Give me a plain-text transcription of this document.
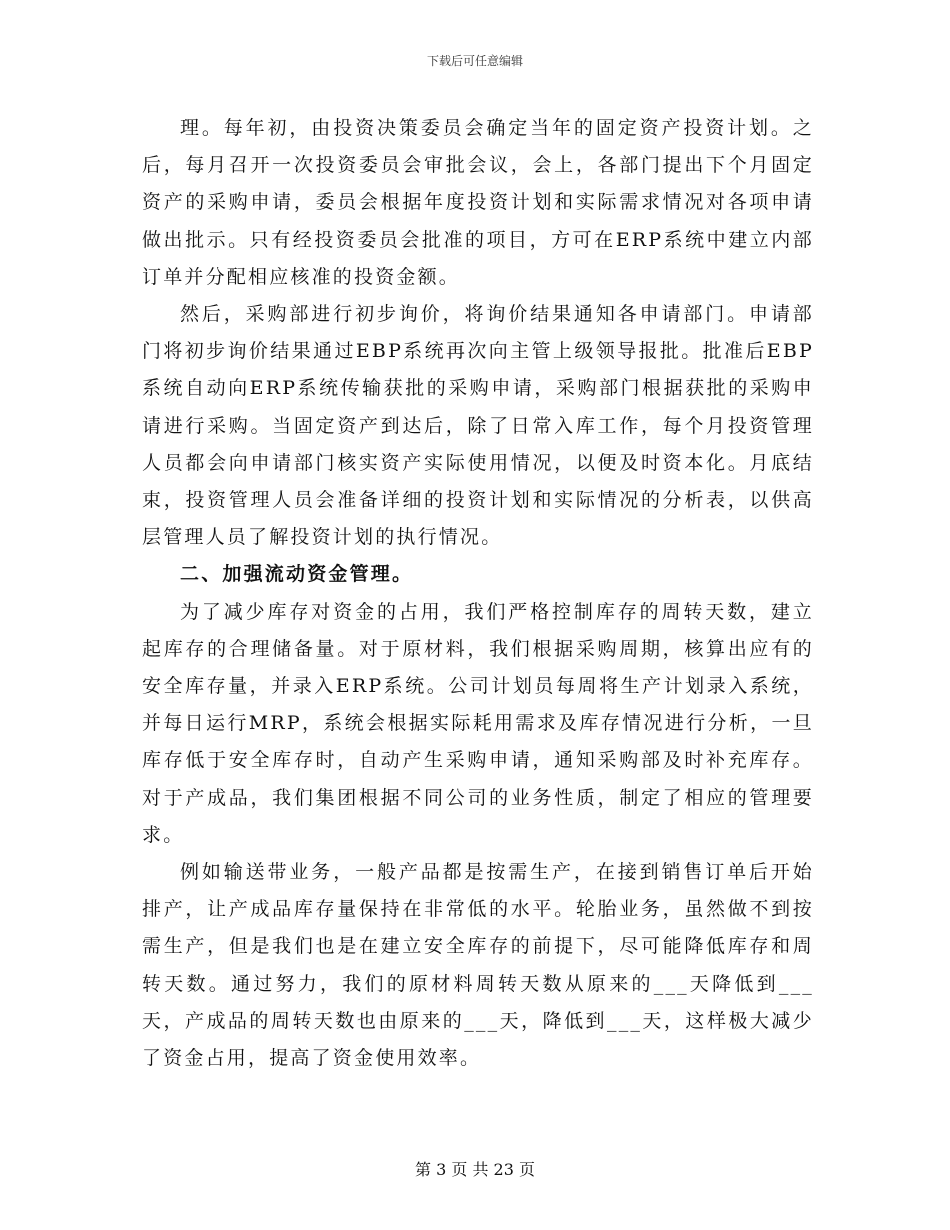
下载后可任意编辑

理。每年初，由投资决策委员会确定当年的固定资产投资计划。之后，每月召开一次投资委员会审批会议，会上，各部门提出下个月固定资产的采购申请，委员会根据年度投资计划和实际需求情况对各项申请做出批示。只有经投资委员会批准的项目，方可在ERP系统中建立内部订单并分配相应核准的投资金额。

然后，采购部进行初步询价，将询价结果通知各申请部门。申请部门将初步询价结果通过EBP系统再次向主管上级领导报批。批准后EBP系统自动向ERP系统传输获批的采购申请，采购部门根据获批的采购申请进行采购。当固定资产到达后，除了日常入库工作，每个月投资管理人员都会向申请部门核实资产实际使用情况，以便及时资本化。月底结束，投资管理人员会准备详细的投资计划和实际情况的分析表，以供高层管理人员了解投资计划的执行情况。

二、加强流动资金管理。

为了减少库存对资金的占用，我们严格控制库存的周转天数，建立起库存的合理储备量。对于原材料，我们根据采购周期，核算出应有的安全库存量，并录入ERP系统。公司计划员每周将生产计划录入系统，并每日运行MRP，系统会根据实际耗用需求及库存情况进行分析，一旦库存低于安全库存时，自动产生采购申请，通知采购部及时补充库存。对于产成品，我们集团根据不同公司的业务性质，制定了相应的管理要求。

例如输送带业务，一般产品都是按需生产，在接到销售订单后开始排产，让产成品库存量保持在非常低的水平。轮胎业务，虽然做不到按需生产，但是我们也是在建立安全库存的前提下，尽可能降低库存和周转天数。通过努力，我们的原材料周转天数从原来的___天降低到___天，产成品的周转天数也由原来的___天，降低到___天，这样极大减少了资金占用，提高了资金使用效率。

第 3 页 共 23 页
